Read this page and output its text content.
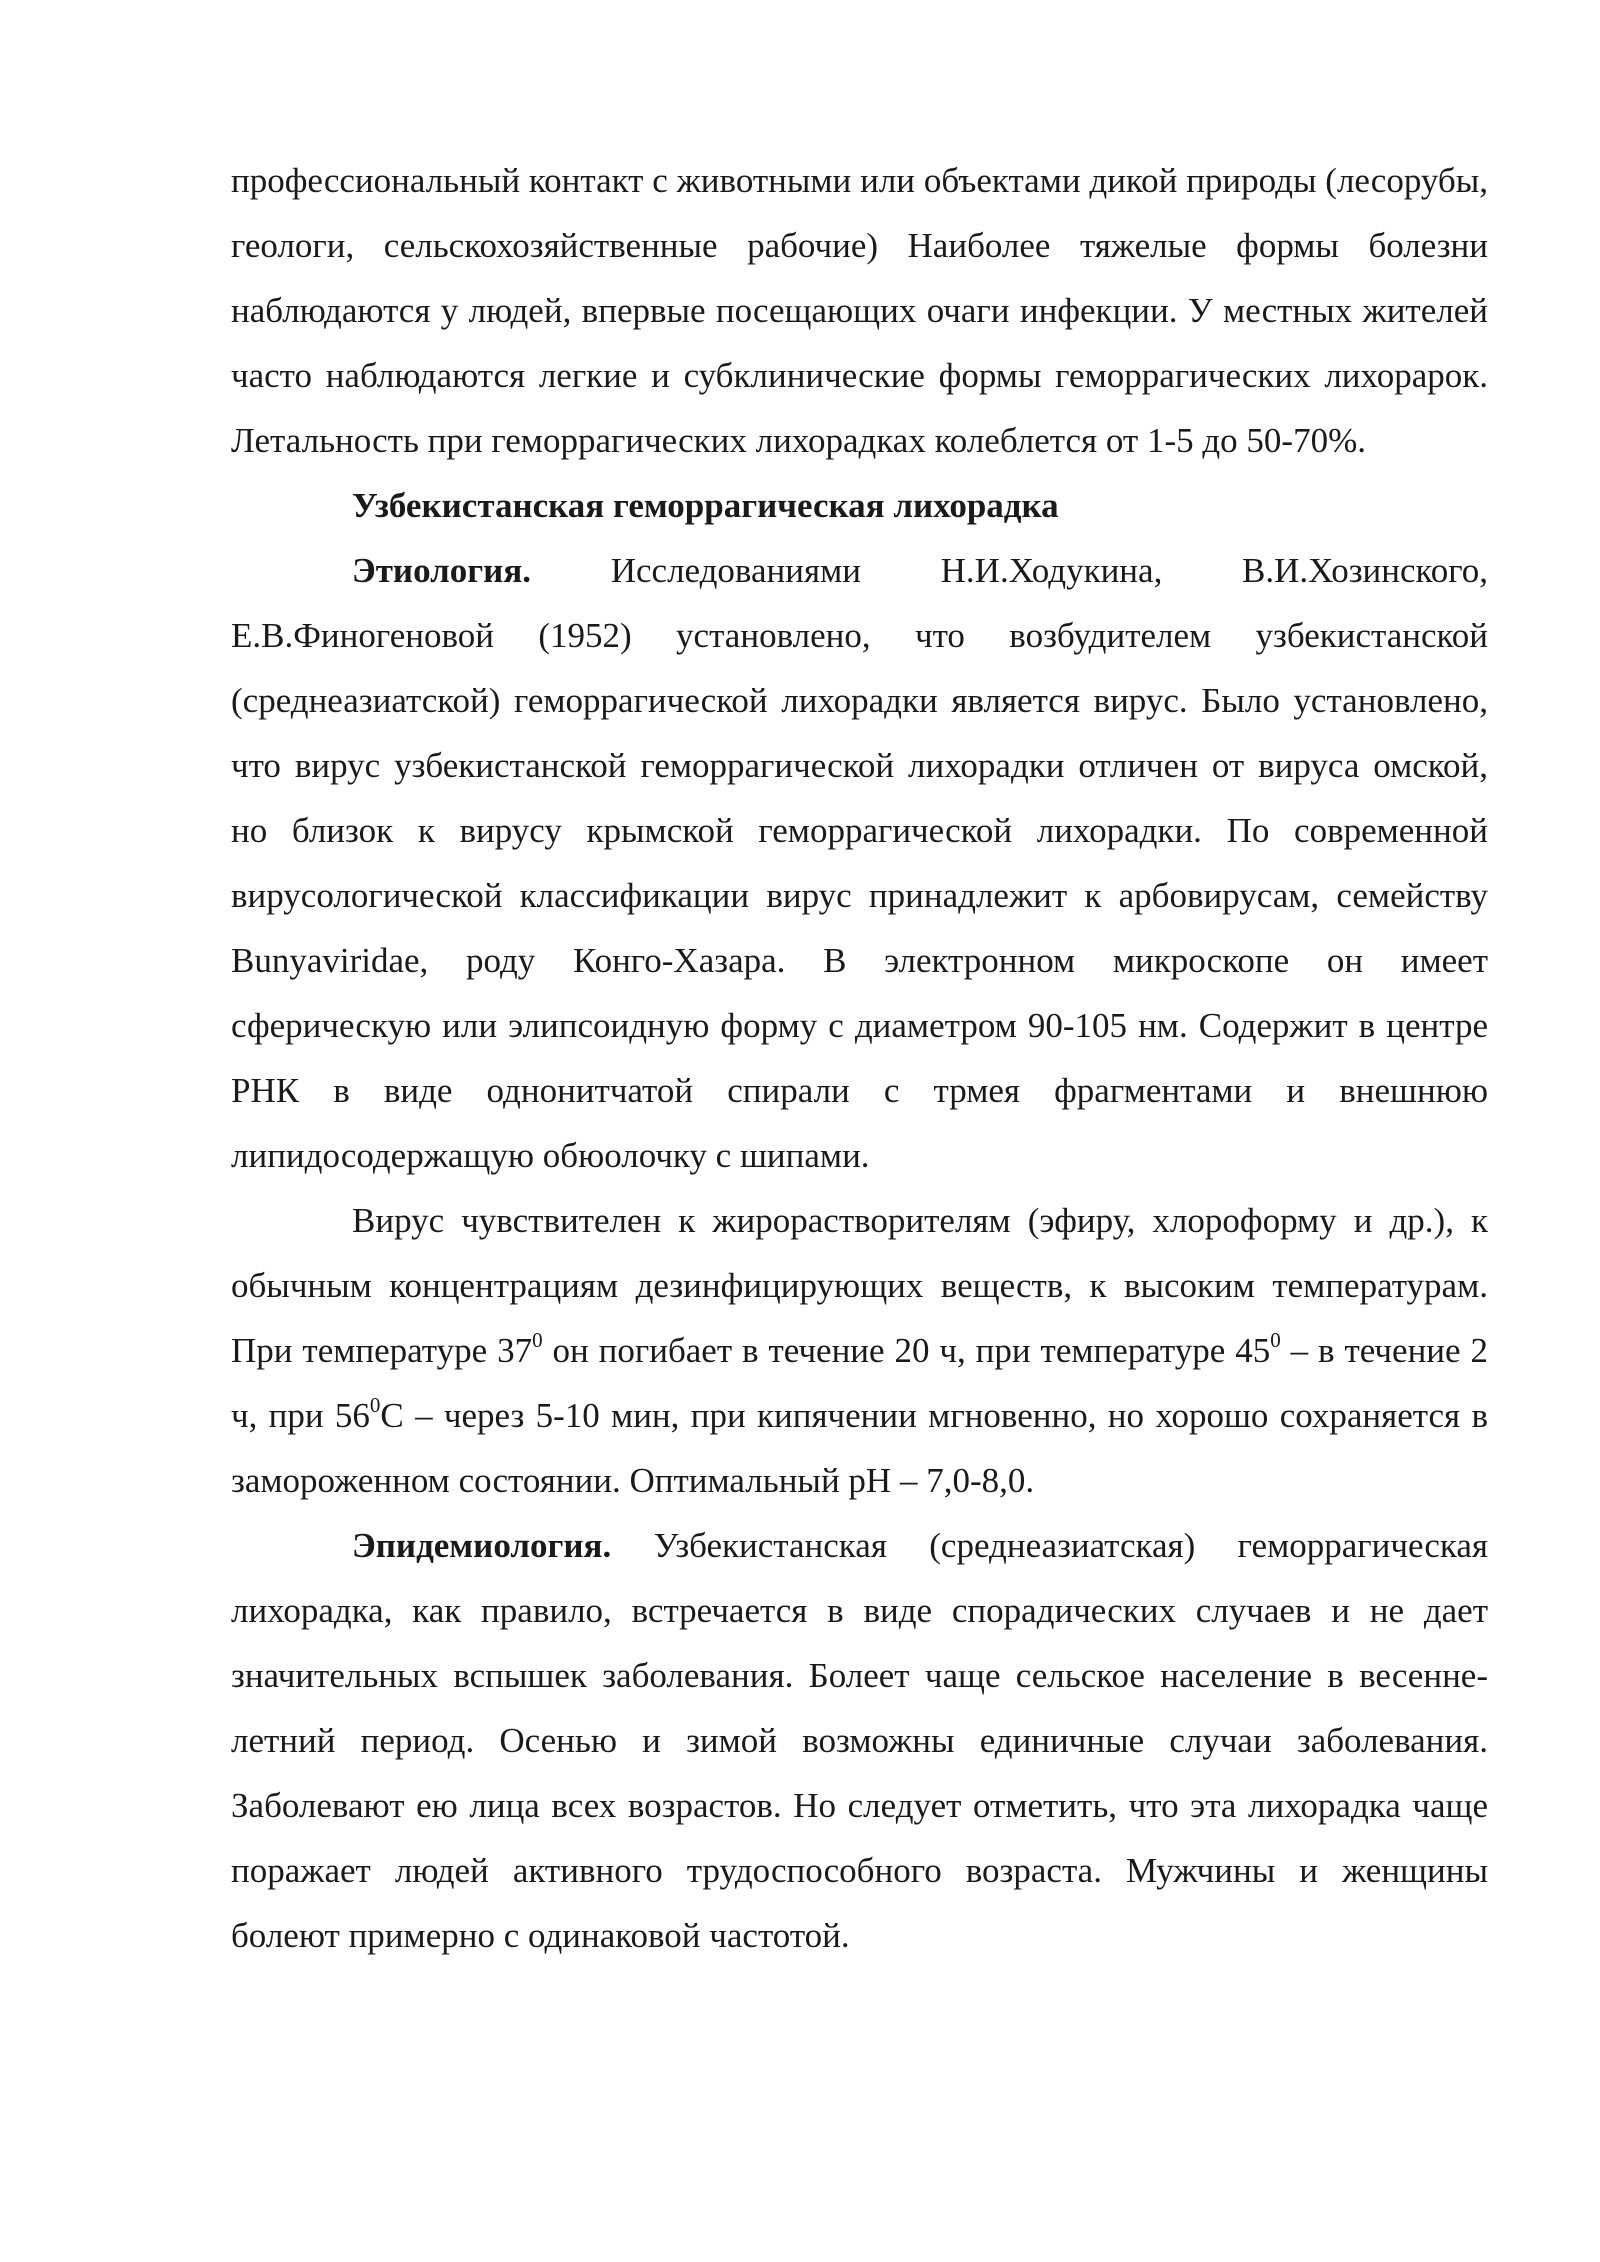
профессиональный контакт с животными или объектами дикой природы (лесорубы, геологи, сельскохозяйственные рабочие) Наиболее тяжелые формы болезни наблюдаются у людей, впервые посещающих очаги инфекции. У местных жителей часто наблюдаются легкие и субклинические формы геморрагических лихорарок. Летальность при геморрагических лихорадках колеблется от 1-5 до 50-70%.

Узбекистанская геморрагическая лихорадка

Этиология. Исследованиями Н.И.Ходукина, В.И.Хозинского, Е.В.Финогеновой (1952) установлено, что возбудителем узбекистанской (среднеазиатской) геморрагической лихорадки является вирус. Было установлено, что вирус узбекистанской геморрагической лихорадки отличен от вируса омской, но близок к вирусу крымской геморрагической лихорадки. По современной вирусологической классификации вирус принадлежит к арбовирусам, семейству Bunyaviridae, роду Конго-Хазара. В электронном микроскопе он имеет сферическую или элипсоидную форму с диаметром 90-105 нм. Содержит в центре РНК в виде однонитчатой спирали с трмея фрагментами и внешнюю липидосодержащую обюолочку с шипами.

Вирус чувствителен к жирорастворителям (эфиру, хлороформу и др.), к обычным концентрациям дезинфицирующих веществ, к высоким температурам. При температуре $37^0$ он погибает в течение 20 ч, при температуре $45^0$ – в течение 2 ч, при $56^0С$ – через 5-10 мин, при кипячении мгновенно, но хорошо сохраняется в замороженном состоянии. Оптимальный рН – 7,0-8,0.

Эпидемиология. Узбекистанская (среднеазиатская) геморрагическая лихорадка, как правило, встречается в виде спорадических случаев и не дает значительных вспышек заболевания. Болеет чаще сельское население в весенне-летний период. Осенью и зимой возможны единичные случаи заболевания. Заболевают ею лица всех возрастов. Но следует отметить, что эта лихорадка чаще поражает людей активного трудоспособного возраста. Мужчины и женщины болеют примерно с одинаковой частотой.
